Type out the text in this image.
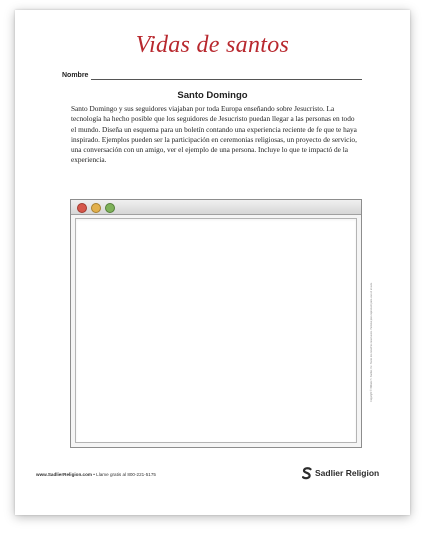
Vidas de santos
Nombre
Santo Domingo
Santo Domingo y sus seguidores viajaban por toda Europa enseñando sobre Jesucristo. La tecnología ha hecho posible que los seguidores de Jesucristo puedan llegar a las personas en todo el mundo. Diseña un esquema para un boletín contando una experiencia reciente de fe que te haya inspirado. Ejemplos pueden ser la participación en ceremonias religiosas, un proyecto de servicio, una conversación con un amigo, ver el ejemplo de una persona. Incluye lo que te impactó de la experiencia.
Copyright © William H. Sadlier, Inc. Todos los derechos reservados. Permiso para reproducir para uso en el aula.
www.SadlierReligion.com • Llame gratis al 800-221-5175	Sadlier Religion
